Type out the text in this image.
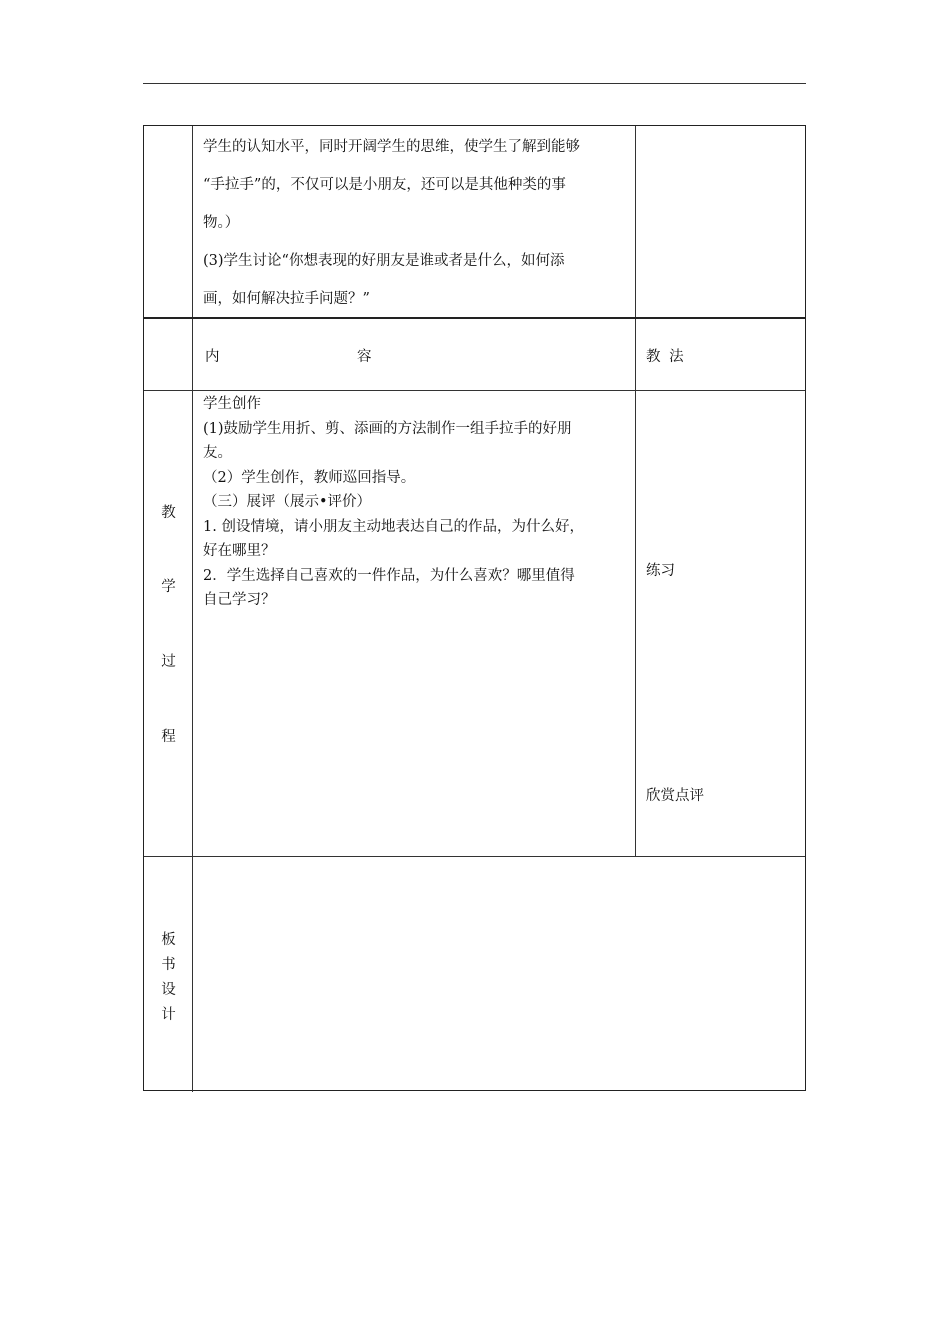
学生的认知水平，同时开阔学生的思维，使学生了解到能够
“手拉手”的，不仅可以是小朋友，还可以是其他种类的事
物。）
(3)学生讨论“你想表现的好朋友是谁或者是什么，如何添
画，如何解决拉手问题？”

内	容	教 法
教
学
过
程

学生创作
(1)鼓励学生用折、剪、添画的方法制作一组手拉手的好朋
友。
（2）学生创作，教师巡回指导。
（三）展评（展示•评价）
1. 创设情境，请小朋友主动地表达自己的作品，为什么好，
好在哪里？
2．学生选择自己喜欢的一件作品，为什么喜欢？哪里值得
自己学习？

练习
欣赏点评
板
书
设
计
